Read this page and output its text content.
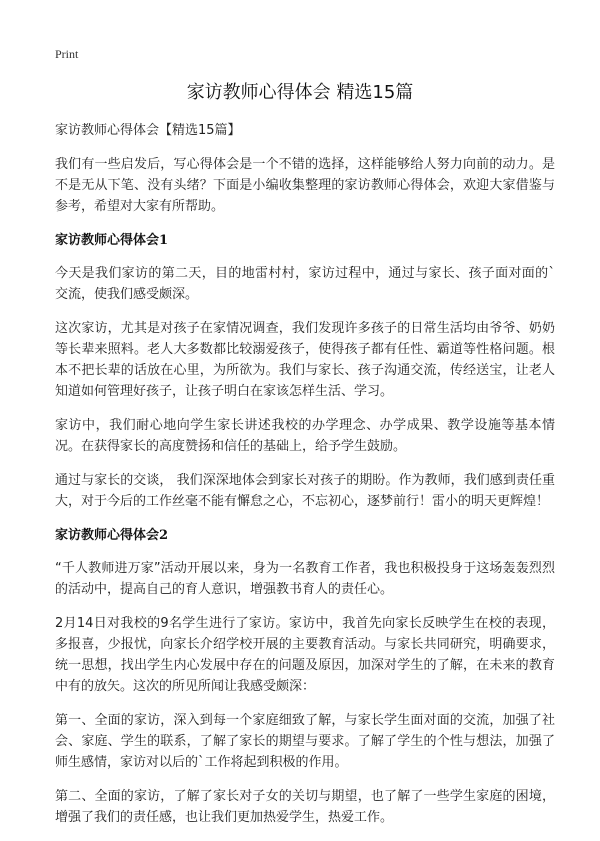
Print
家访教师心得体会 精选15篇

家访教师心得体会【精选15篇】

我们有一些启发后，写心得体会是一个不错的选择，这样能够给人努力向前的动力。是不是无从下笔、没有头绪？下面是小编收集整理的家访教师心得体会，欢迎大家借鉴与参考，希望对大家有所帮助。

家访教师心得体会1

今天是我们家访的第二天，目的地雷村村，家访过程中，通过与家长、孩子面对面的`交流，使我们感受颇深。

这次家访，尤其是对孩子在家情况调查，我们发现许多孩子的日常生活均由爷爷、奶奶等长辈来照料。老人大多数都比较溺爱孩子，使得孩子都有任性、霸道等性格问题。根本不把长辈的话放在心里，为所欲为。我们与家长、孩子沟通交流，传经送宝，让老人知道如何管理好孩子，让孩子明白在家该怎样生活、学习。

家访中，我们耐心地向学生家长讲述我校的办学理念、办学成果、教学设施等基本情况。在获得家长的高度赞扬和信任的基础上，给予学生鼓励。

通过与家长的交谈， 我们深深地体会到家长对孩子的期盼。作为教师，我们感到责任重大，对于今后的工作丝毫不能有懈怠之心，不忘初心，逐梦前行！雷小的明天更辉煌！

家访教师心得体会2

“千人教师进万家”活动开展以来，身为一名教育工作者，我也积极投身于这场轰轰烈烈的活动中，提高自己的育人意识，增强教书育人的责任心。

2月14日对我校的9名学生进行了家访。家访中，我首先向家长反映学生在校的表现，多报喜，少报忧，向家长介绍学校开展的主要教育活动。与家长共同研究，明确要求，统一思想，找出学生内心发展中存在的问题及原因，加深对学生的了解，在未来的教育中有的放矢。这次的所见所闻让我感受颇深：

第一、全面的家访，深入到每一个家庭细致了解，与家长学生面对面的交流，加强了社会、家庭、学生的联系，了解了家长的期望与要求。了解了学生的个性与想法，加强了师生感情，家访对以后的`工作将起到积极的作用。

第二、全面的家访，了解了家长对子女的关切与期望，也了解了一些学生家庭的困境，增强了我们的责任感，也让我们更加热爱学生，热爱工作。
